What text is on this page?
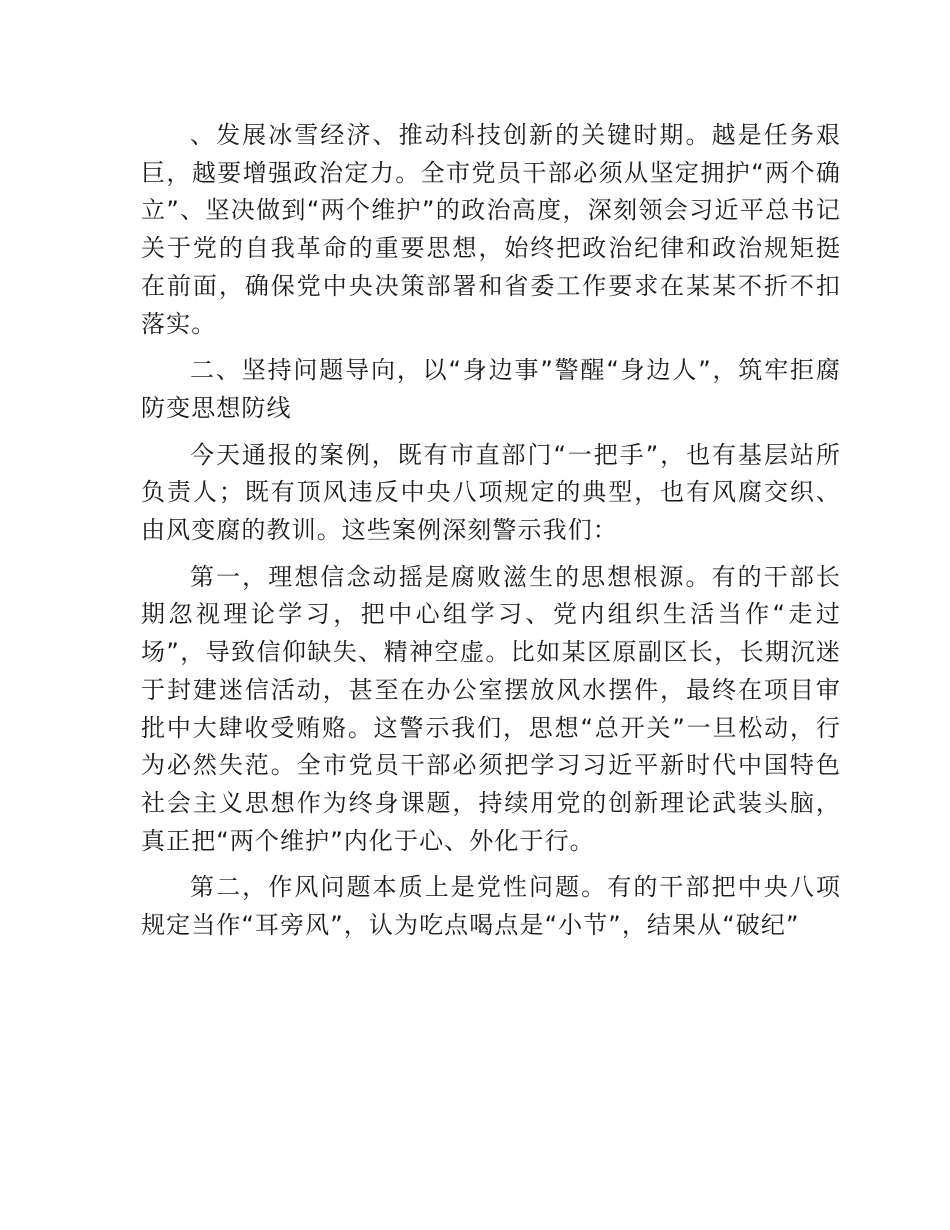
、发展冰雪经济、推动科技创新的关键时期。越是任务艰巨，越要增强政治定力。全市党员干部必须从坚定拥护“两个确立”、坚决做到“两个维护”的政治高度，深刻领会习近平总书记关于党的自我革命的重要思想，始终把政治纪律和政治规矩挺在前面，确保党中央决策部署和省委工作要求在某某不折不扣落实。

二、坚持问题导向，以“身边事”警醒“身边人”，筑牢拒腐防变思想防线

今天通报的案例，既有市直部门“一把手”，也有基层站所负责人；既有顶风违反中央八项规定的典型，也有风腐交织、由风变腐的教训。这些案例深刻警示我们：

第一，理想信念动摇是腐败滋生的思想根源。有的干部长期忽视理论学习，把中心组学习、党内组织生活当作“走过场”，导致信仰缺失、精神空虚。比如某区原副区长，长期沉迷于封建迷信活动，甚至在办公室摆放风水摆件，最终在项目审批中大肆收受贿赂。这警示我们，思想“总开关”一旦松动，行为必然失范。全市党员干部必须把学习习近平新时代中国特色社会主义思想作为终身课题，持续用党的创新理论武装头脑，真正把“两个维护”内化于心、外化于行。

第二，作风问题本质上是党性问题。有的干部把中央八项规定当作“耳旁风”，认为吃点喝点是“小节”，结果从“破纪”
